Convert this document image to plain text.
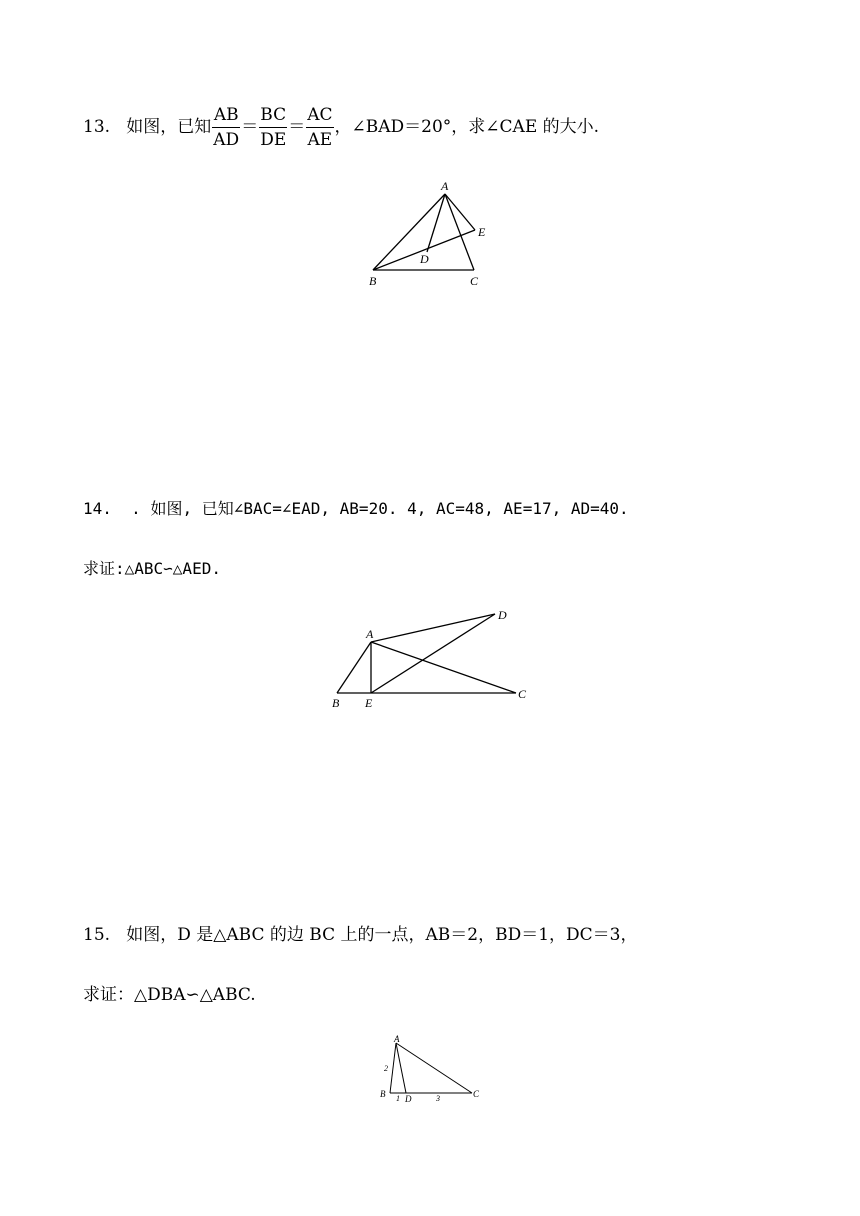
13. 如图，已知 $\frac{AB}{AD} = \frac{BC}{DE} = \frac{AC}{AE}$ ，∠BAD＝20°，求∠CAE 的大小.
A
B	C
D
E
14. . 如图, 已知∠BAC=∠EAD, AB=20. 4, AC=48, AE=17, AD=40.
求证:△ABC∽△AED.
A
B
C
D
E
15. 如图，D 是△ABC 的边 BC 上的一点，AB＝2，BD＝1，DC＝3，
求证：△DBA∽△ABC.
A
B	C
D
2
1	3
